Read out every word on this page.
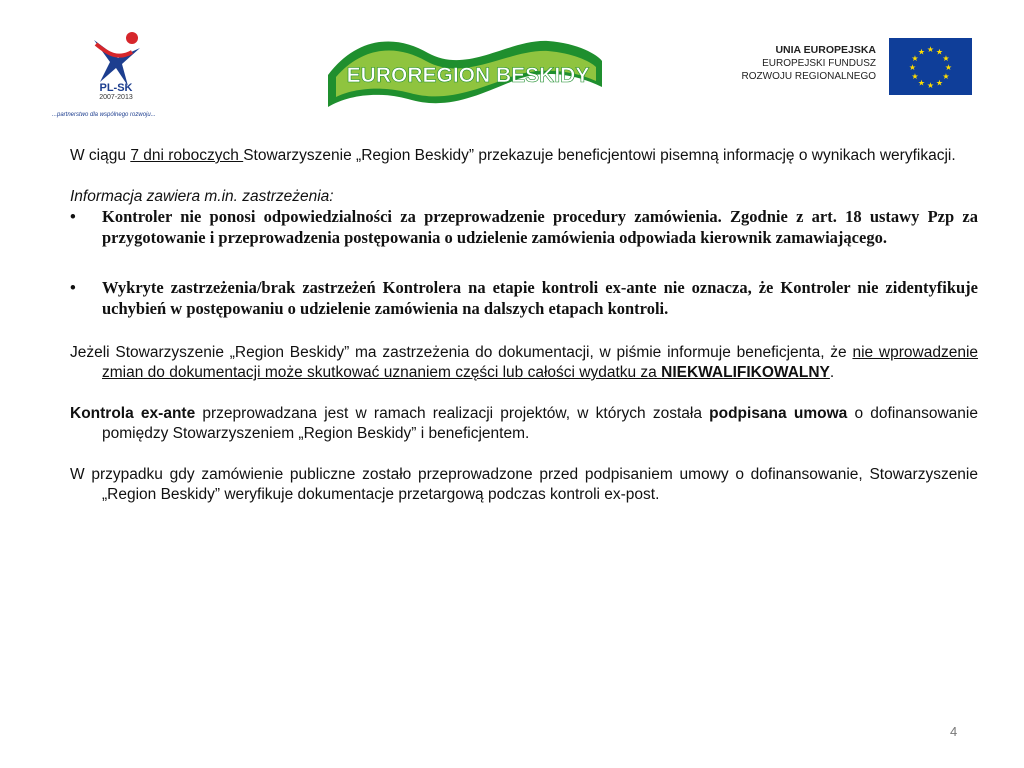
PL-SK
2007-2013
...partnerstwo dla wspólnego rozwoju...
EUROREGION BESKIDY
UNIA EUROPEJSKA
EUROPEJSKI FUNDUSZ
ROZWOJU REGIONALNEGO
★ ★
★
★
★
★
★
★
★
★
★
★

W ciągu 7 dni roboczych Stowarzyszenie „Region Beskidy” przekazuje beneficjentowi pisemną informację o wynikach weryfikacji.

Informacja zawiera m.in. zastrzeżenia:

• Kontroler nie ponosi odpowiedzialności za przeprowadzenie procedury zamówienia. Zgodnie z art. 18 ustawy Pzp za przygotowanie i przeprowadzenia postępowania o udzielenie zamówienia odpowiada kierownik zamawiającego.

• Wykryte zastrzeżenia/brak zastrzeżeń Kontrolera na etapie kontroli ex-ante nie oznacza, że Kontroler nie zidentyfikuje uchybień w postępowaniu o udzielenie zamówienia na dalszych etapach kontroli.

Jeżeli Stowarzyszenie „Region Beskidy” ma zastrzeżenia do dokumentacji, w piśmie informuje beneficjenta, że nie wprowadzenie zmian do dokumentacji może skutkować uznaniem części lub całości wydatku za NIEKWALIFIKOWALNY.

Kontrola ex-ante przeprowadzana jest w ramach realizacji projektów, w których została podpisana umowa o dofinansowanie pomiędzy Stowarzyszeniem „Region Beskidy” i beneficjentem.

W przypadku gdy zamówienie publiczne zostało przeprowadzone przed podpisaniem umowy o dofinansowanie, Stowarzyszenie „Region Beskidy” weryfikuje dokumentacje przetargową podczas kontroli ex-post.

4
